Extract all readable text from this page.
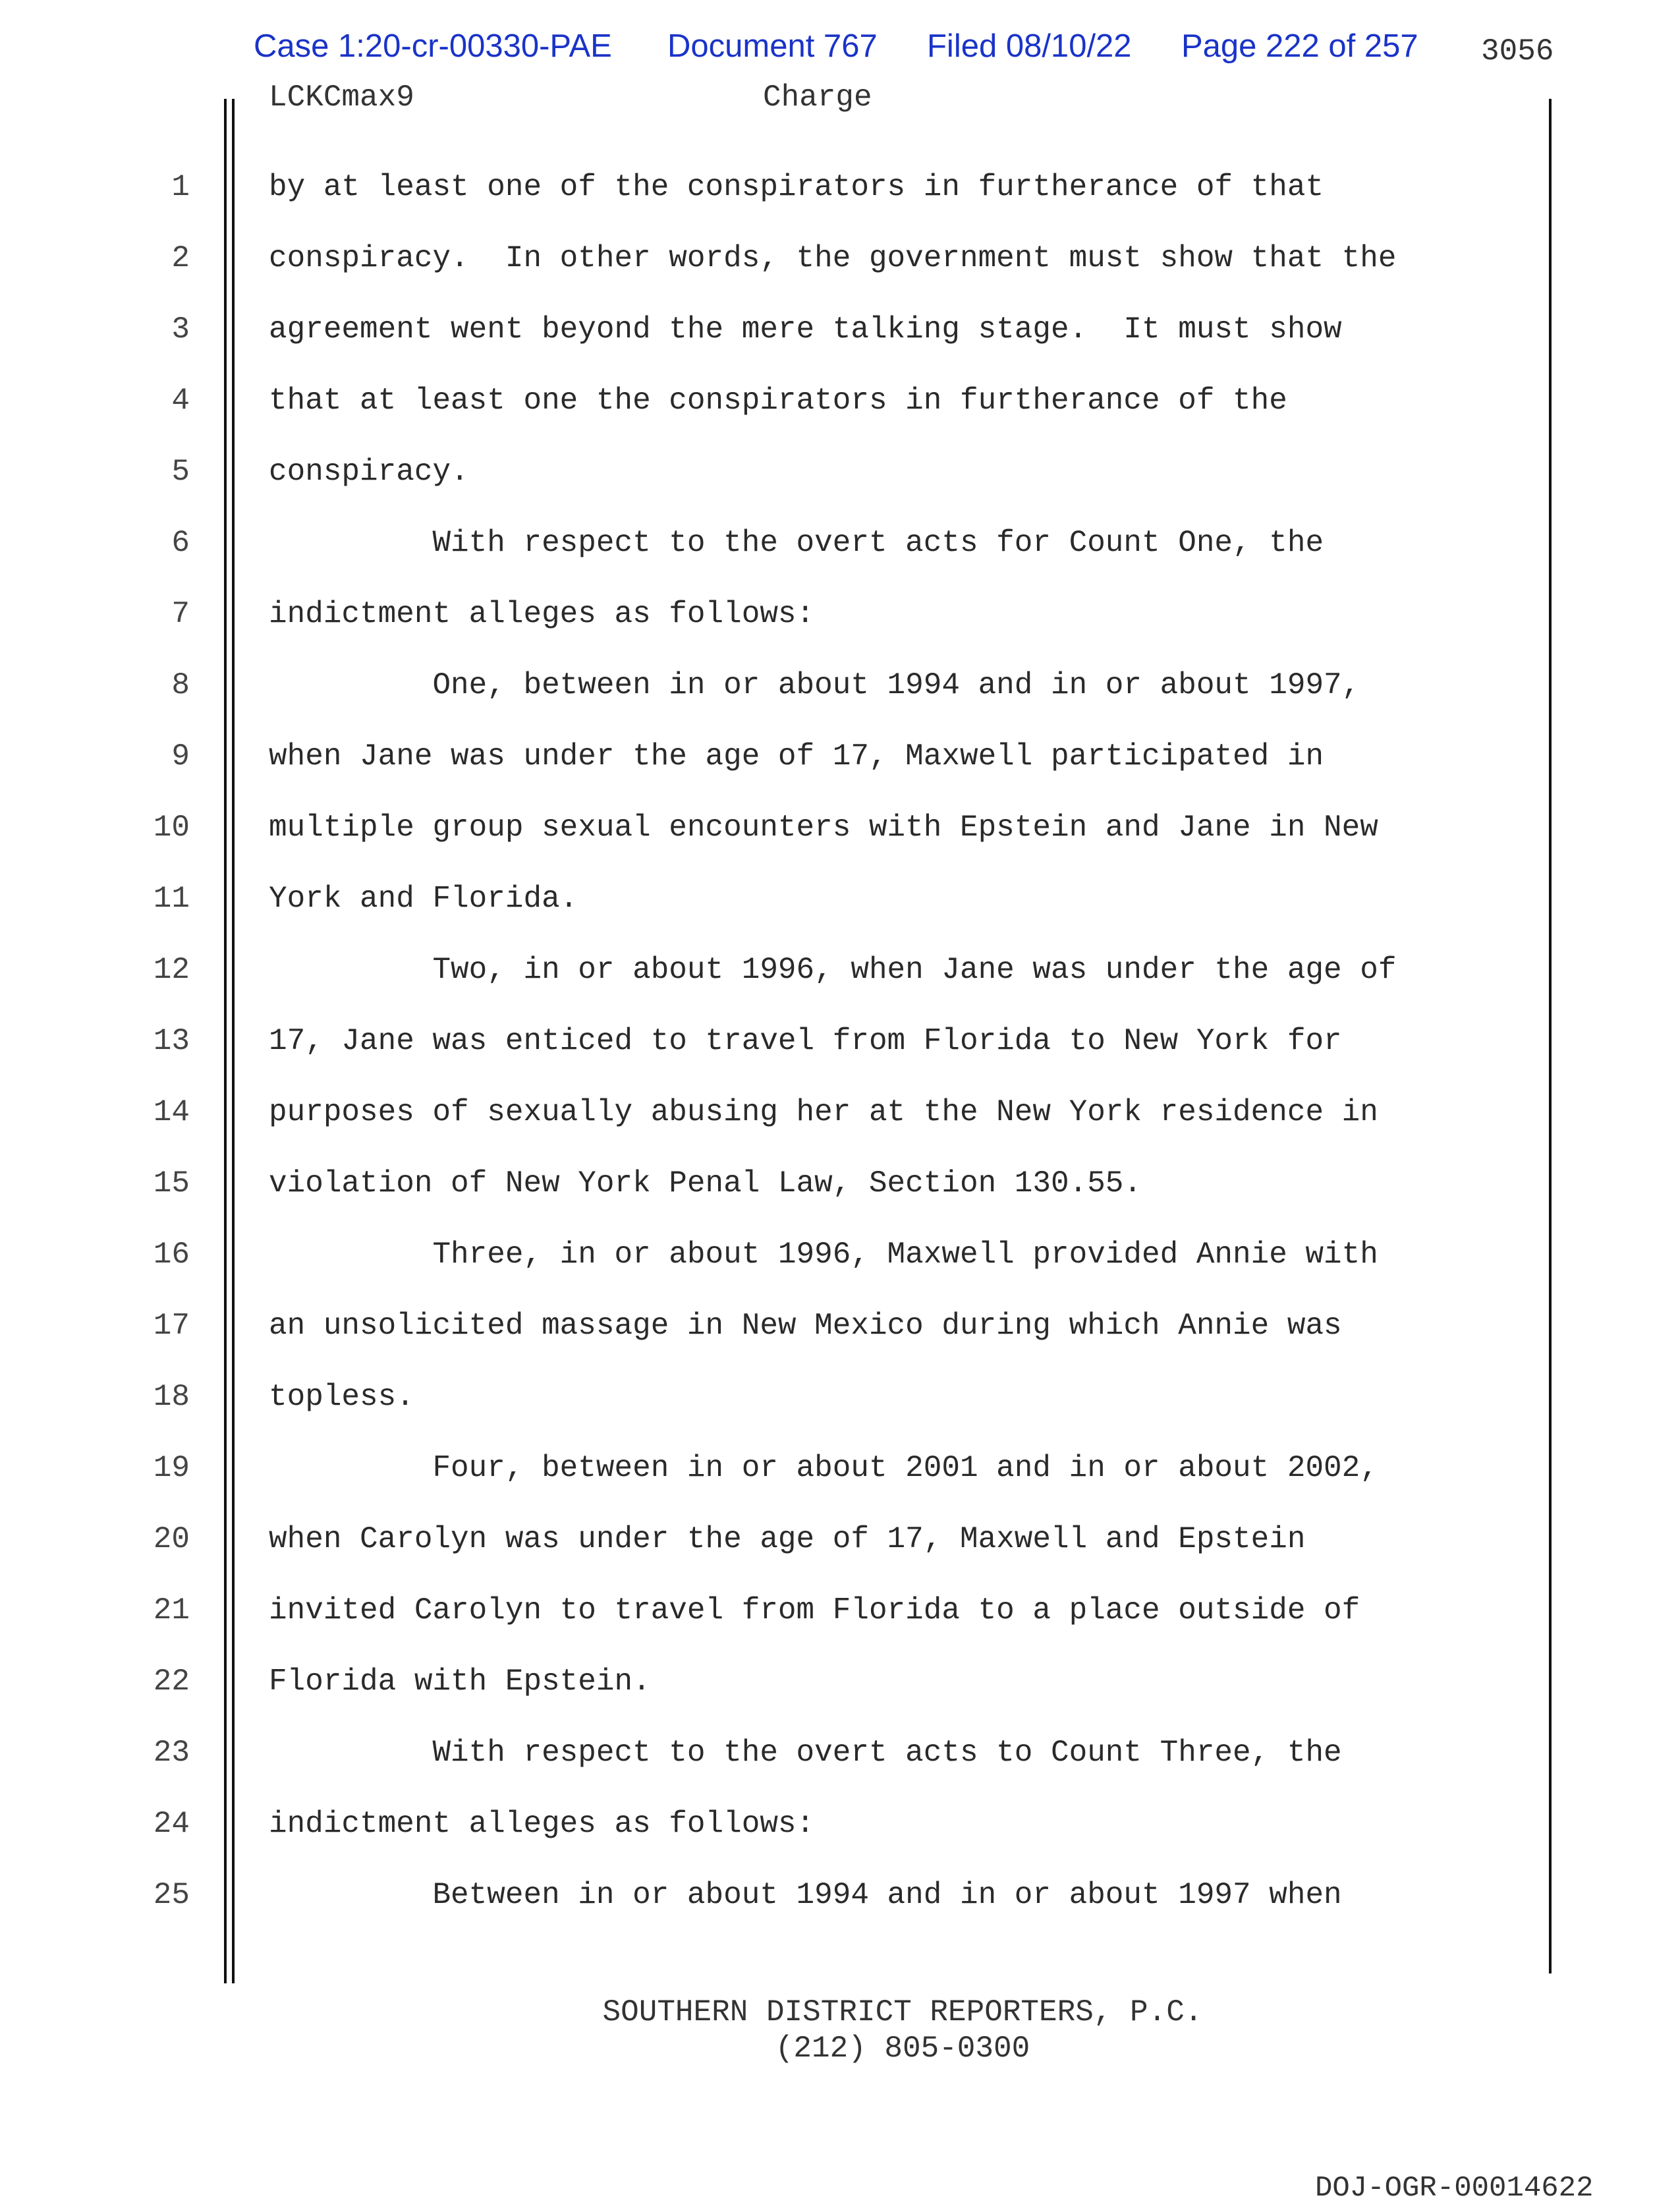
Case 1:20-cr-00330-PAE Document 767 Filed 08/10/22 Page 222 of 257 3056
LCKCmax9	Charge
1	by at least one of the conspirators in furtherance of that
2	conspiracy.  In other words, the government must show that the
3	agreement went beyond the mere talking stage.  It must show
4	that at least one the conspirators in furtherance of the
5	conspiracy.
6	With respect to the overt acts for Count One, the
7	indictment alleges as follows:
8	One, between in or about 1994 and in or about 1997,
9	when Jane was under the age of 17, Maxwell participated in
10	multiple group sexual encounters with Epstein and Jane in New
11	York and Florida.
12	Two, in or about 1996, when Jane was under the age of
13	17, Jane was enticed to travel from Florida to New York for
14	purposes of sexually abusing her at the New York residence in
15	violation of New York Penal Law, Section 130.55.
16	Three, in or about 1996, Maxwell provided Annie with
17	an unsolicited massage in New Mexico during which Annie was
18	topless.
19	Four, between in or about 2001 and in or about 2002,
20	when Carolyn was under the age of 17, Maxwell and Epstein
21	invited Carolyn to travel from Florida to a place outside of
22	Florida with Epstein.
23	With respect to the overt acts to Count Three, the
24	indictment alleges as follows:
25	Between in or about 1994 and in or about 1997 when
SOUTHERN DISTRICT REPORTERS, P.C.
(212) 805-0300
DOJ-OGR-00014622
